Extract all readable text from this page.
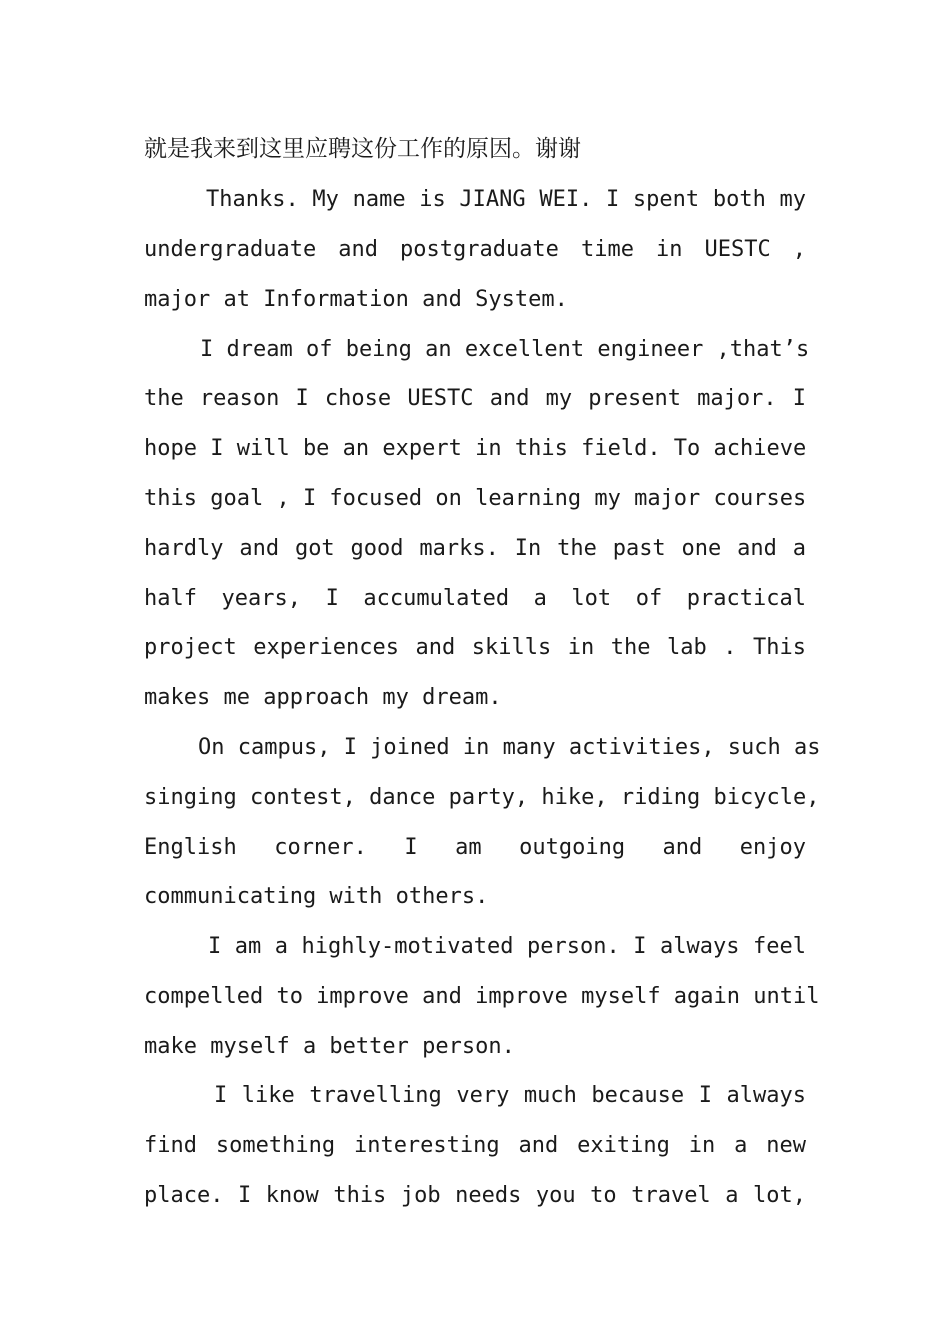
就是我来到这里应聘这份工作的原因。谢谢
Thanks. My name is JIANG WEI. I spent both my
undergraduate and postgraduate time in UESTC ,
major at Information and System.
I dream of being an excellent engineer ,that’s
the reason I chose UESTC and my present major. I
hope I will be an expert in this field. To achieve
this goal , I focused on learning my major courses
hardly and got good marks. In the past one and a
half years, I accumulated a lot of practical
project experiences and skills in the lab . This
makes me approach my dream.
On campus, I joined in many activities, such as
singing contest, dance party, hike, riding bicycle,
English corner. I am outgoing and enjoy
communicating with others.
I am a highly-motivated person. I always feel
compelled to improve and improve myself again until
make myself a better person.
I like travelling very much because I always
find something interesting and exiting in a new
place. I know this job needs you to travel a lot,
